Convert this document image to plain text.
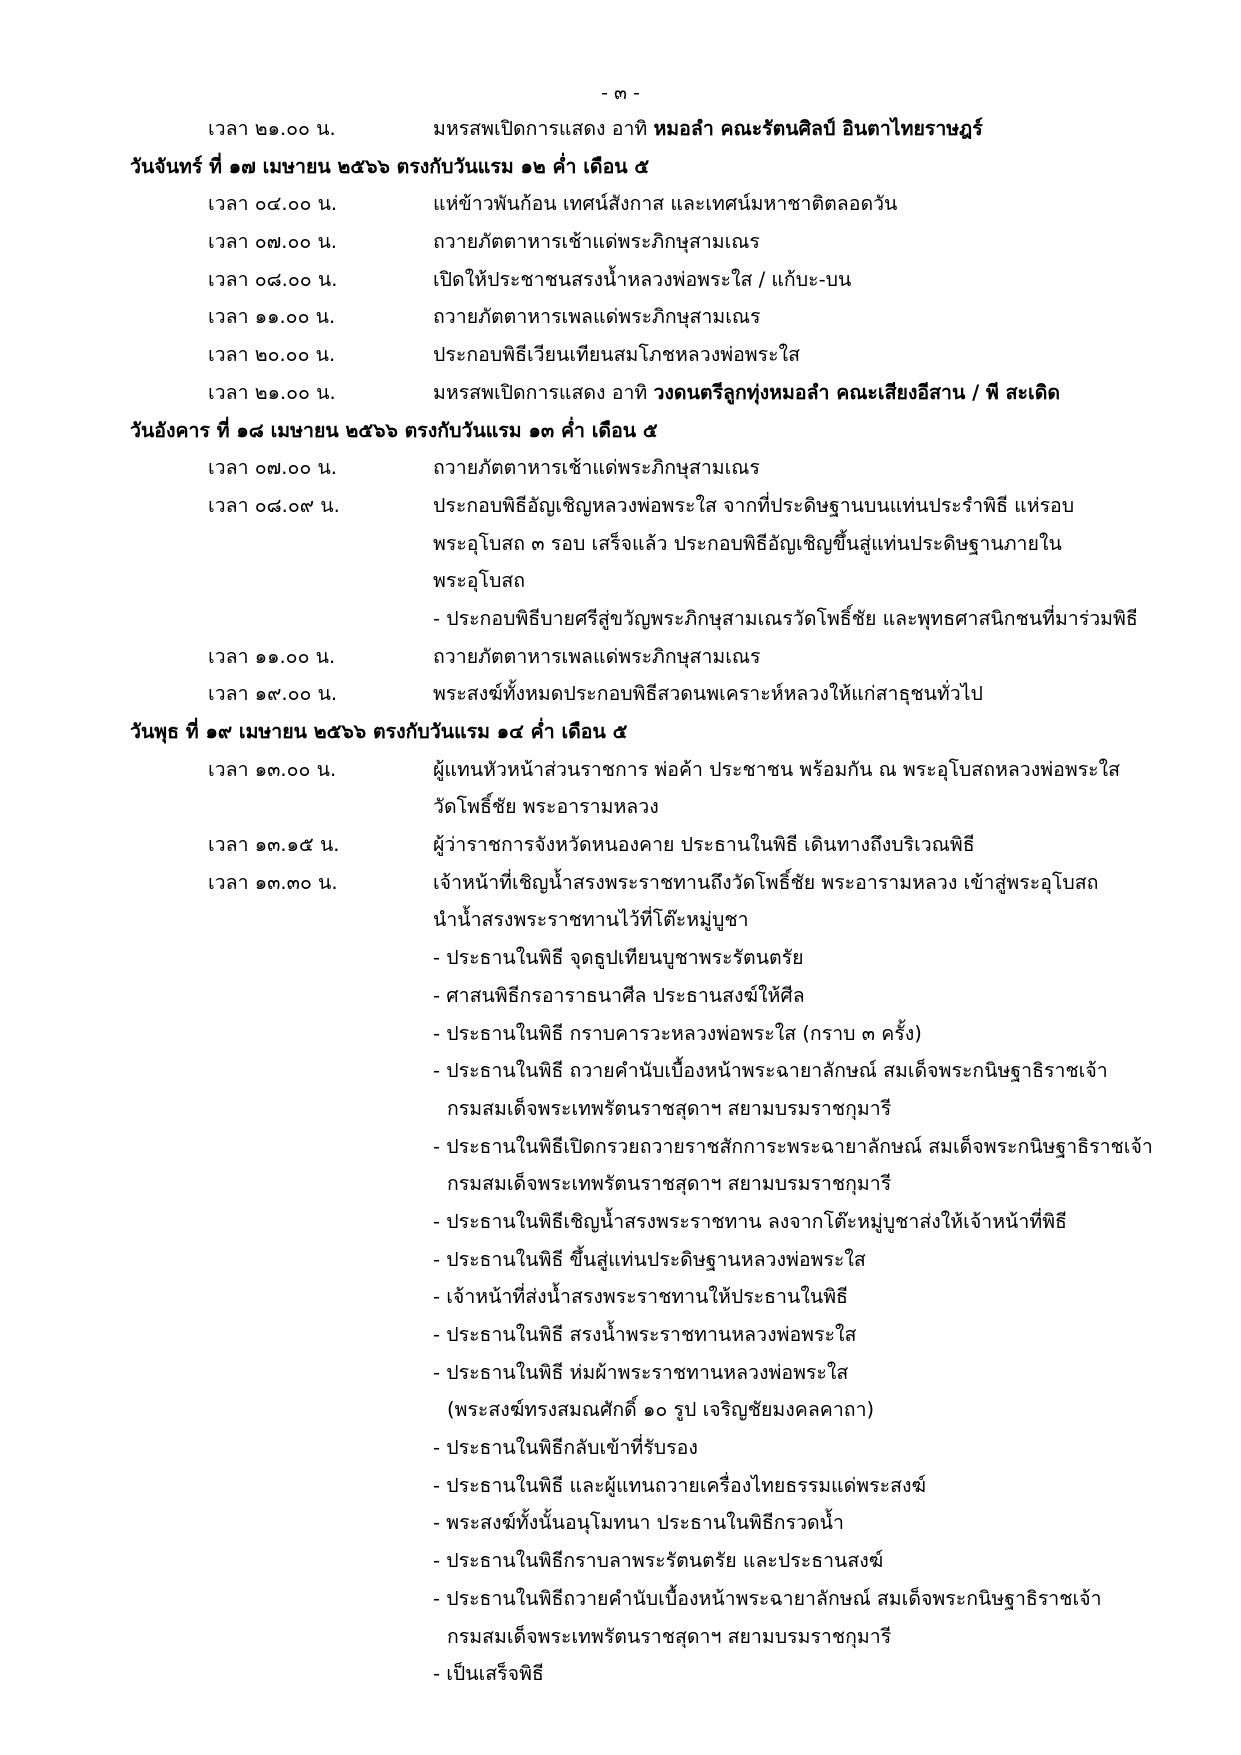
- ๓ -
เวลา ๒๑.๐๐ น.	มหรสพเปิดการแสดง อาทิ หมอลำ คณะรัตนศิลป์ อินตาไทยราษฎร์
วันจันทร์ ที่ ๑๗ เมษายน ๒๕๖๖ ตรงกับวันแรม ๑๒ ค่ำ เดือน ๕
เวลา ๐๔.๐๐ น.	แห่ข้าวพันก้อน เทศน์สังกาส และเทศน์มหาชาติตลอดวัน
เวลา ๐๗.๐๐ น.	ถวายภัตตาหารเช้าแด่พระภิกษุสามเณร
เวลา ๐๘.๐๐ น.	เปิดให้ประชาชนสรงน้ำหลวงพ่อพระใส / แก้บะ-บน
เวลา ๑๑.๐๐ น.	ถวายภัตตาหารเพลแด่พระภิกษุสามเณร
เวลา ๒๐.๐๐ น.	ประกอบพิธีเวียนเทียนสมโภชหลวงพ่อพระใส
เวลา ๒๑.๐๐ น.	มหรสพเปิดการแสดง อาทิ วงดนตรีลูกทุ่งหมอลำ คณะเสียงอีสาน / พี สะเดิด
วันอังคาร ที่ ๑๘ เมษายน ๒๕๖๖ ตรงกับวันแรม ๑๓ ค่ำ เดือน ๕
เวลา ๐๗.๐๐ น.	ถวายภัตตาหารเช้าแด่พระภิกษุสามเณร
เวลา ๐๘.๐๙ น.	ประกอบพิธีอัญเชิญหลวงพ่อพระใส จากที่ประดิษฐานบนแท่นประรำพิธี แห่รอบ
พระอุโบสถ ๓ รอบ เสร็จแล้ว ประกอบพิธีอัญเชิญขึ้นสู่แท่นประดิษฐานภายใน
พระอุโบสถ
- ประกอบพิธีบายศรีสู่ขวัญพระภิกษุสามเณรวัดโพธิ์ชัย และพุทธศาสนิกชนที่มาร่วมพิธี
เวลา ๑๑.๐๐ น.	ถวายภัตตาหารเพลแด่พระภิกษุสามเณร
เวลา ๑๙.๐๐ น.	พระสงฆ์ทั้งหมดประกอบพิธีสวดนพเคราะห์หลวงให้แก่สาธุชนทั่วไป
วันพุธ ที่ ๑๙ เมษายน ๒๕๖๖ ตรงกับวันแรม ๑๔ ค่ำ เดือน ๕
เวลา ๑๓.๐๐ น.	ผู้แทนหัวหน้าส่วนราชการ พ่อค้า ประชาชน พร้อมกัน ณ พระอุโบสถหลวงพ่อพระใส
วัดโพธิ์ชัย พระอารามหลวง
เวลา ๑๓.๑๕ น.	ผู้ว่าราชการจังหวัดหนองคาย ประธานในพิธี เดินทางถึงบริเวณพิธี
เวลา ๑๓.๓๐ น.	เจ้าหน้าที่เชิญน้ำสรงพระราชทานถึงวัดโพธิ์ชัย พระอารามหลวง เข้าสู่พระอุโบสถ
นำน้ำสรงพระราชทานไว้ที่โต๊ะหมู่บูชา
- ประธานในพิธี จุดธูปเทียนบูชาพระรัตนตรัย
- ศาสนพิธีกรอาราธนาศีล ประธานสงฆ์ให้ศีล
- ประธานในพิธี กราบคารวะหลวงพ่อพระใส (กราบ ๓ ครั้ง)
- ประธานในพิธี ถวายคำนับเบื้องหน้าพระฉายาลักษณ์ สมเด็จพระกนิษฐาธิราชเจ้า
กรมสมเด็จพระเทพรัตนราชสุดาฯ สยามบรมราชกุมารี
- ประธานในพิธีเปิดกรวยถวายราชสักการะพระฉายาลักษณ์ สมเด็จพระกนิษฐาธิราชเจ้า
กรมสมเด็จพระเทพรัตนราชสุดาฯ สยามบรมราชกุมารี
- ประธานในพิธีเชิญน้ำสรงพระราชทาน ลงจากโต๊ะหมู่บูชาส่งให้เจ้าหน้าที่พิธี
- ประธานในพิธี ขึ้นสู่แท่นประดิษฐานหลวงพ่อพระใส
- เจ้าหน้าที่ส่งน้ำสรงพระราชทานให้ประธานในพิธี
- ประธานในพิธี สรงน้ำพระราชทานหลวงพ่อพระใส
- ประธานในพิธี ห่มผ้าพระราชทานหลวงพ่อพระใส
(พระสงฆ์ทรงสมณศักดิ์ ๑๐ รูป เจริญชัยมงคลคาถา)
- ประธานในพิธีกลับเข้าที่รับรอง
- ประธานในพิธี และผู้แทนถวายเครื่องไทยธรรมแด่พระสงฆ์
- พระสงฆ์ทั้งนั้นอนุโมทนา ประธานในพิธีกรวดน้ำ
- ประธานในพิธีกราบลาพระรัตนตรัย และประธานสงฆ์
- ประธานในพิธีถวายคำนับเบื้องหน้าพระฉายาลักษณ์ สมเด็จพระกนิษฐาธิราชเจ้า
กรมสมเด็จพระเทพรัตนราชสุดาฯ สยามบรมราชกุมารี
- เป็นเสร็จพิธี
